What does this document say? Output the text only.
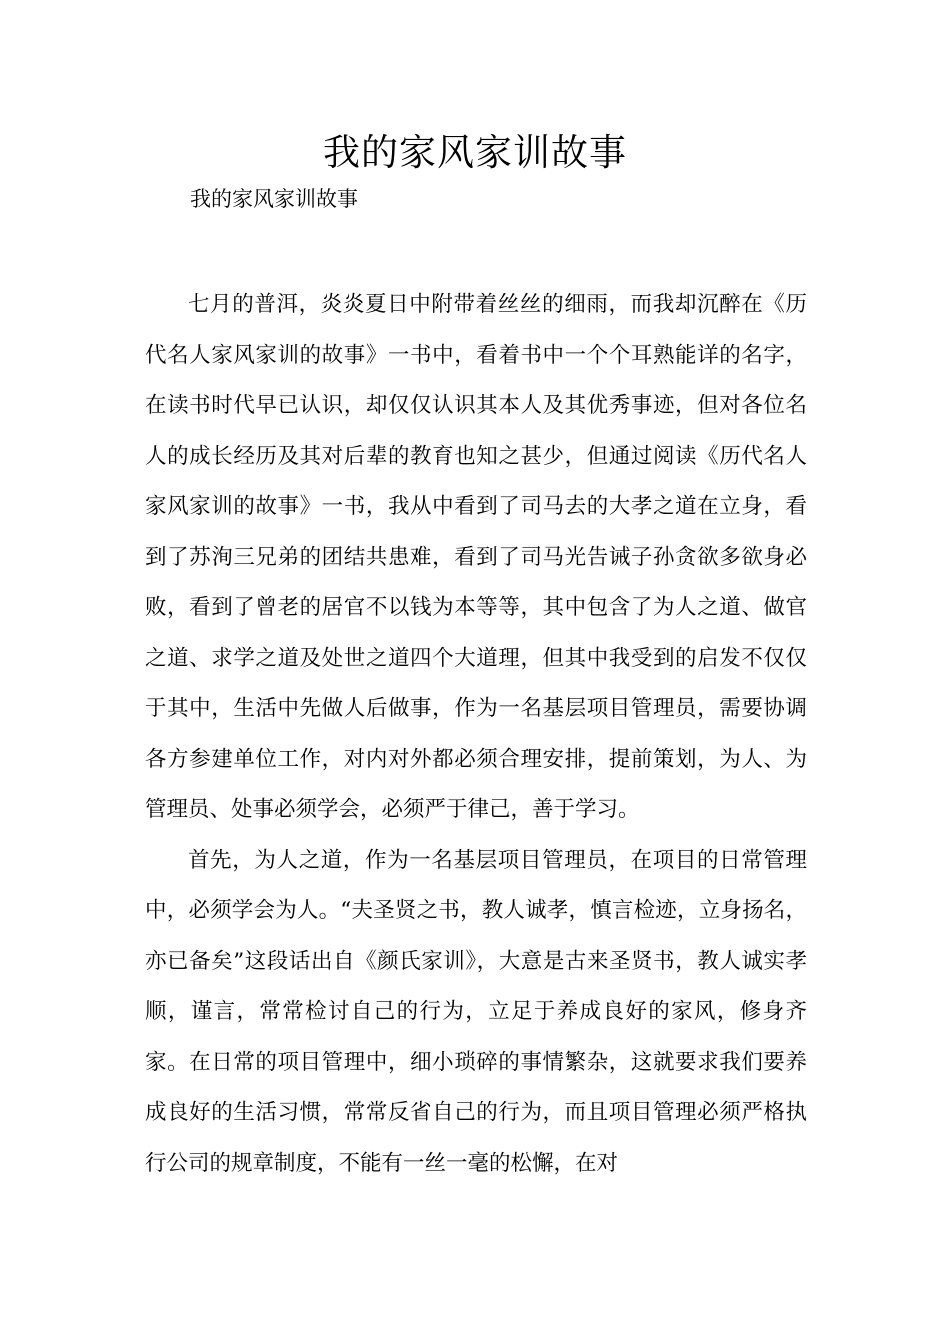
我的家风家训故事
我的家风家训故事

七月的普洱，炎炎夏日中附带着丝丝的细雨，而我却沉醉在《历代名人家风家训的故事》一书中，看着书中一个个耳熟能详的名字，在读书时代早已认识，却仅仅认识其本人及其优秀事迹，但对各位名人的成长经历及其对后辈的教育也知之甚少，但通过阅读《历代名人家风家训的故事》一书，我从中看到了司马去的大孝之道在立身，看到了苏洵三兄弟的团结共患难，看到了司马光告诫子孙贪欲多欲身必败，看到了曾老的居官不以钱为本等等，其中包含了为人之道、做官之道、求学之道及处世之道四个大道理，但其中我受到的启发不仅仅于其中，生活中先做人后做事，作为一名基层项目管理员，需要协调各方参建单位工作，对内对外都必须合理安排，提前策划，为人、为管理员、处事必须学会，必须严于律己，善于学习。

首先，为人之道，作为一名基层项目管理员，在项目的日常管理中，必须学会为人。“夫圣贤之书，教人诚孝，慎言检迹，立身扬名，亦已备矣”这段话出自《颜氏家训》，大意是古来圣贤书，教人诚实孝顺，谨言，常常检讨自己的行为，立足于养成良好的家风，修身齐家。在日常的项目管理中，细小琐碎的事情繁杂，这就要求我们要养成良好的生活习惯，常常反省自己的行为，而且项目管理必须严格执行公司的规章制度，不能有一丝一毫的松懈，在对
